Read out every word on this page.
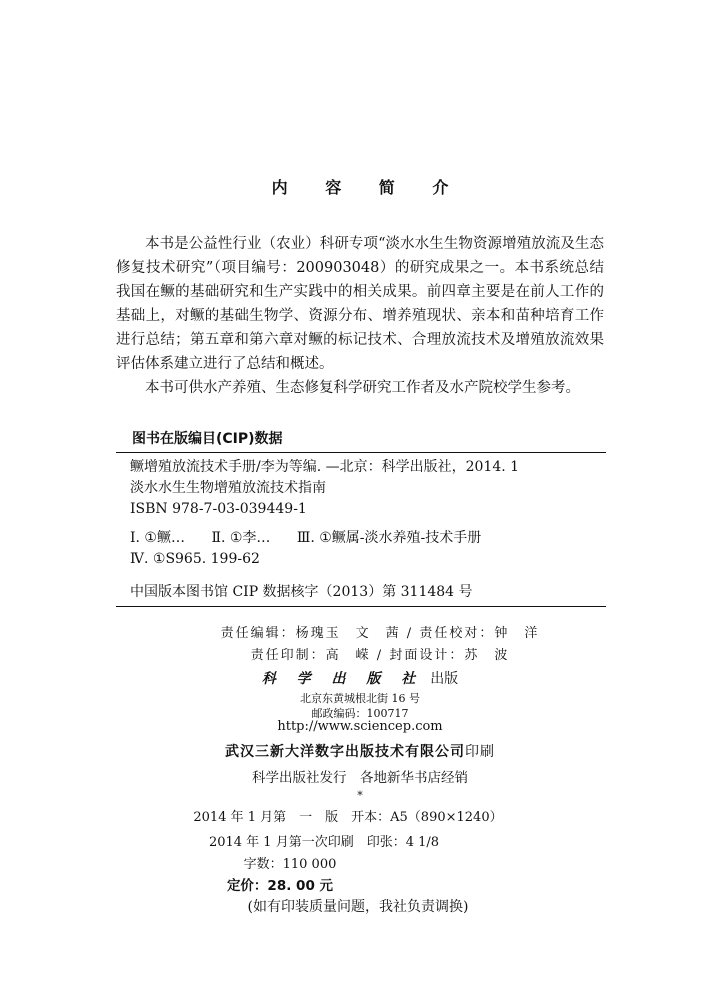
内 容 简 介

本书是公益性行业（农业）科研专项“淡水水生生物资源增殖放流及生态修复技术研究”（项目编号：200903048）的研究成果之一。本书系统总结我国在鳜的基础研究和生产实践中的相关成果。前四章主要是在前人工作的基础上，对鳜的基础生物学、资源分布、增养殖现状、亲本和苗种培育工作进行总结；第五章和第六章对鳜的标记技术、合理放流技术及增殖放流效果评估体系建立进行了总结和概述。

本书可供水产养殖、生态修复科学研究工作者及水产院校学生参考。

图书在版编目(CIP)数据
鳜增殖放流技术手册/李为等编. —北京：科学出版社，2014. 1
淡水水生生物增殖放流技术指南
ISBN 978-7-03-039449-1
Ⅰ. ①鳜… Ⅱ. ①李… Ⅲ. ①鳜属-淡水养殖-技术手册
Ⅳ. ①S965. 199-62
中国版本图书馆 CIP 数据核字（2013）第 311484 号
责任编辑：杨瑰玉　文　茜 / 责任校对：钟　洋
责任印制：高　嵘 / 封面设计：苏　波
科 学 出 版 社 出版
北京东黄城根北街 16 号
邮政编码：100717
http://www.sciencep.com
武汉三新大洋数字出版技术有限公司印刷
科学出版社发行　各地新华书店经销
*
2014 年 1 月第　一　版　开本：A5（890×1240）
2014 年 1 月第一次印刷　印张：4 1/8
字数：110 000
定价：28. 00 元
(如有印装质量问题，我社负责调换)
